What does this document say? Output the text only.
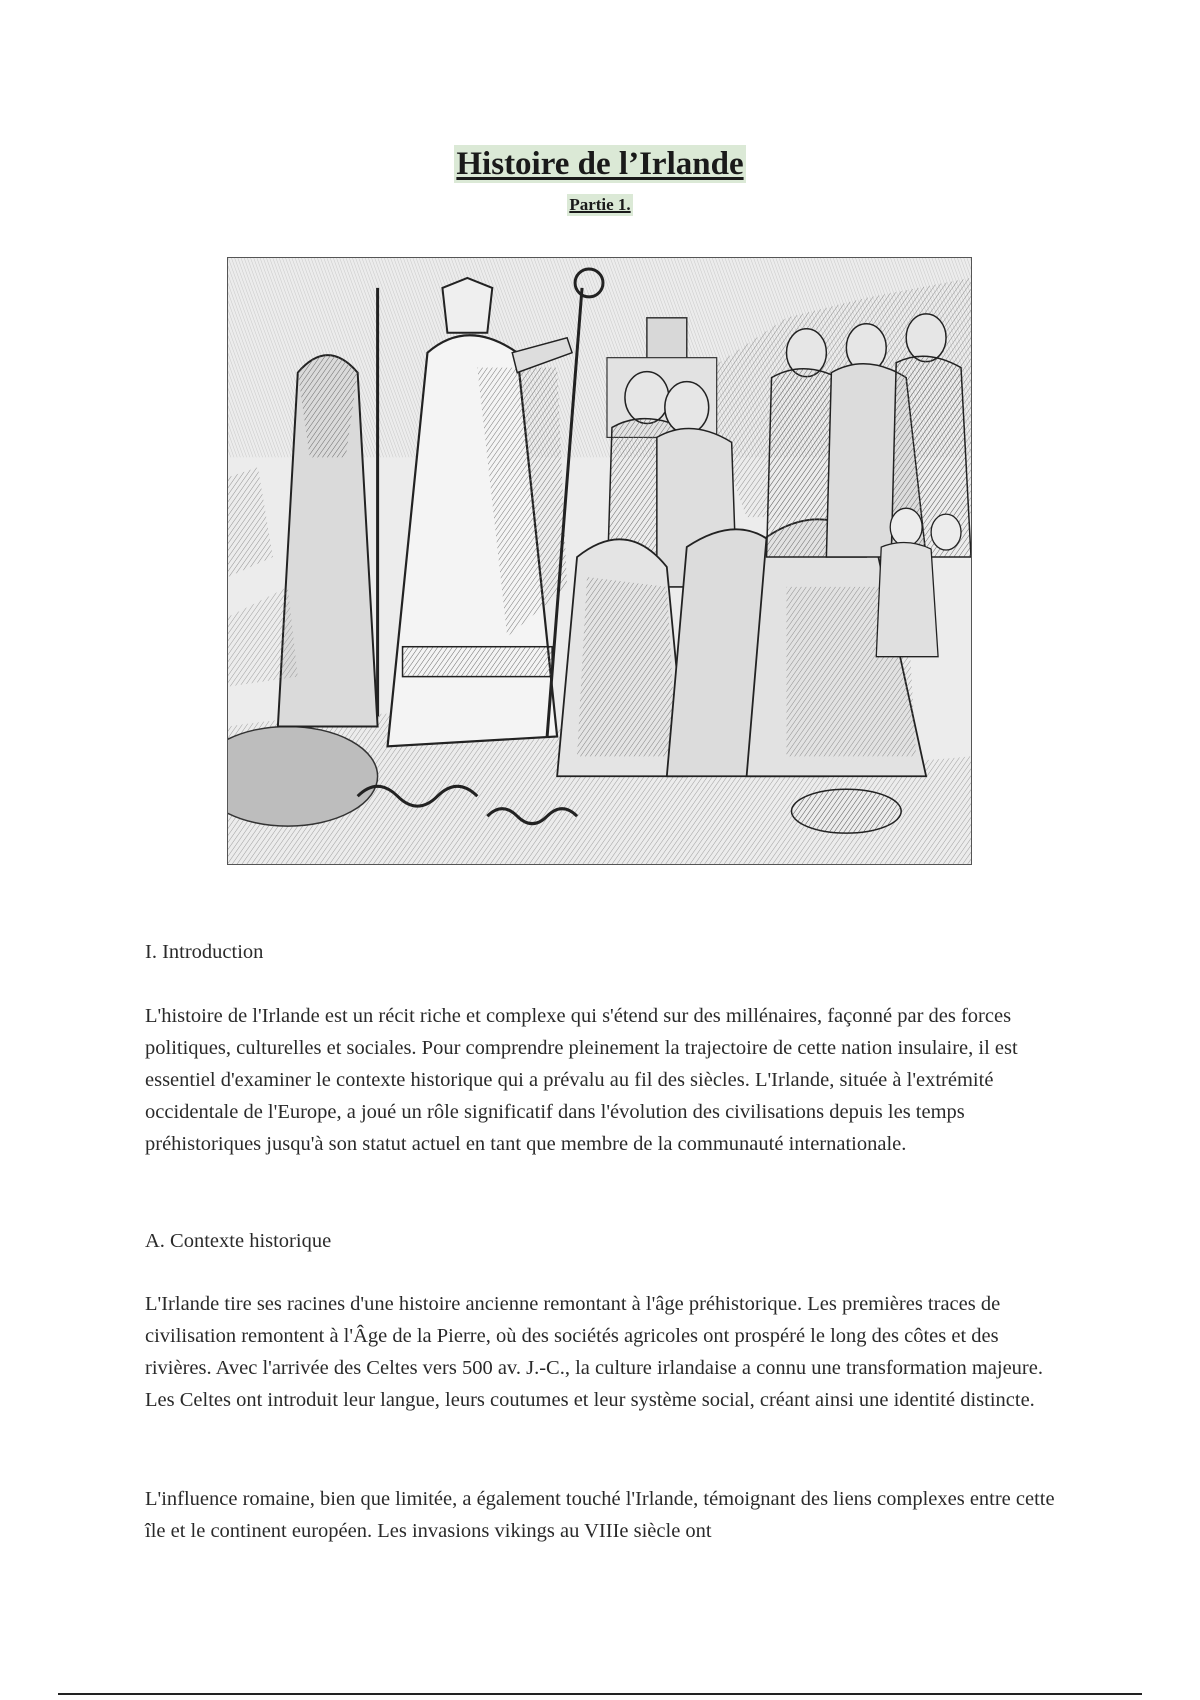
Histoire de l’Irlande
Partie 1.

I. Introduction

L'histoire de l'Irlande est un récit riche et complexe qui s'étend sur des millénaires, façonné par des forces politiques, culturelles et sociales. Pour comprendre pleinement la trajectoire de cette nation insulaire, il est essentiel d'examiner le contexte historique qui a prévalu au fil des siècles. L'Irlande, située à l'extrémité occidentale de l'Europe, a joué un rôle significatif dans l'évolution des civilisations depuis les temps préhistoriques jusqu'à son statut actuel en tant que membre de la communauté internationale.

A. Contexte historique

L'Irlande tire ses racines d'une histoire ancienne remontant à l'âge préhistorique. Les premières traces de civilisation remontent à l'Âge de la Pierre, où des sociétés agricoles ont prospéré le long des côtes et des rivières. Avec l'arrivée des Celtes vers 500 av. J.-C., la culture irlandaise a connu une transformation majeure. Les Celtes ont introduit leur langue, leurs coutumes et leur système social, créant ainsi une identité distincte.

L'influence romaine, bien que limitée, a également touché l'Irlande, témoignant des liens complexes entre cette île et le continent européen. Les invasions vikings au VIIIe siècle ont
